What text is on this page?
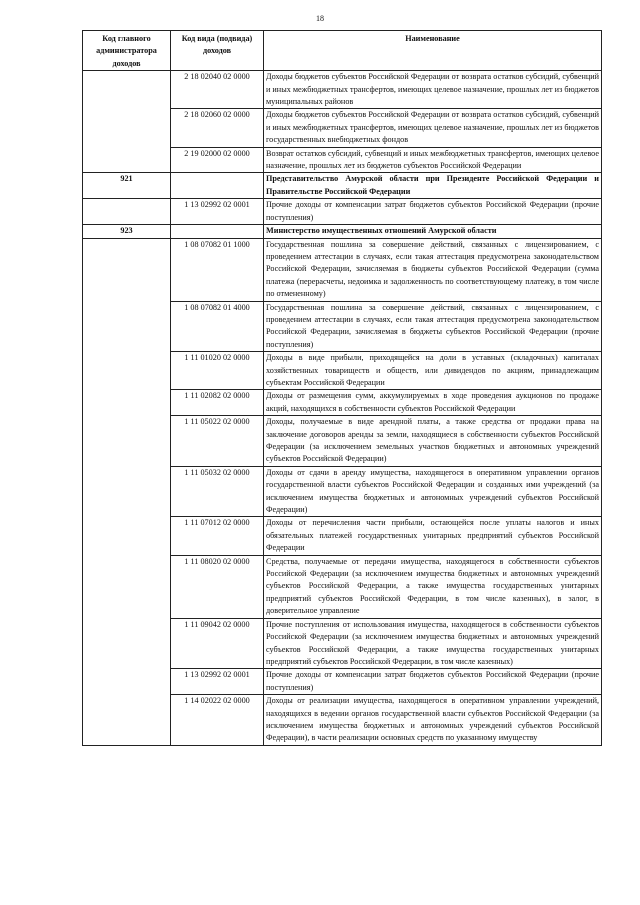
18
Код главного администратора доходов	Код вида (подвида) доходов	Наименование
	2 18 02040 02 0000	Доходы бюджетов субъектов Российской Федерации от возврата остатков субсидий, субвенций и иных межбюджетных трансфертов, имеющих целевое назначение, прошлых лет из бюджетов муниципальных районов
	2 18 02060 02 0000	Доходы бюджетов субъектов Российской Федерации от возврата остатков субсидий, субвенций и иных межбюджетных трансфертов, имеющих целевое назначение, прошлых лет из бюджетов государственных внебюджетных фондов
	2 19 02000 02 0000	Возврат остатков субсидий, субвенций и иных межбюджетных трансфертов, имеющих целевое назначение, прошлых лет из бюджетов субъектов Российской Федерации
921		Представительство Амурской области при Президенте Российской Федерации и Правительстве Российской Федерации
	1 13 02992 02 0001	Прочие доходы от компенсации затрат бюджетов субъектов Российской Федерации (прочие поступления)
923		Министерство имущественных отношений Амурской области
	1 08 07082 01 1000	Государственная пошлина за совершение действий, связанных с лицензированием, с проведением аттестации в случаях, если такая аттестация предусмотрена законодательством Российской Федерации, зачисляемая в бюджеты субъектов Российской Федерации (сумма платежа (перерасчеты, недоимка и задолженность по соответствующему платежу, в том числе по отмененному)
	1 08 07082 01 4000	Государственная пошлина за совершение действий, связанных с лицензированием, с проведением аттестации в случаях, если такая аттестация предусмотрена законодательством Российской Федерации, зачисляемая в бюджеты субъектов Российской Федерации (прочие поступления)
	1 11 01020 02 0000	Доходы в виде прибыли, приходящейся на доли в уставных (складочных) капиталах хозяйственных товариществ и обществ, или дивидендов по акциям, принадлежащим субъектам Российской Федерации
	1 11 02082 02 0000	Доходы от размещения сумм, аккумулируемых в ходе проведения аукционов по продаже акций, находящихся в собственности субъектов Российской Федерации
	1 11 05022 02 0000	Доходы, получаемые в виде арендной платы, а также средства от продажи права на заключение договоров аренды за земли, находящиеся в собственности субъектов Российской Федерации (за исключением земельных участков бюджетных и автономных учреждений субъектов Российской Федерации)
	1 11 05032 02 0000	Доходы от сдачи в аренду имущества, находящегося в оперативном управлении органов государственной власти субъектов Российской Федерации и созданных ими учреждений (за исключением имущества бюджетных и автономных учреждений субъектов Российской Федерации)
	1 11 07012 02 0000	Доходы от перечисления части прибыли, остающейся после уплаты налогов и иных обязательных платежей государственных унитарных предприятий субъектов Российской Федерации
	1 11 08020 02 0000	Средства, получаемые от передачи имущества, находящегося в собственности субъектов Российской Федерации (за исключением имущества бюджетных и автономных учреждений субъектов Российской Федерации, а также имущества государственных унитарных предприятий субъектов Российской Федерации, в том числе казенных), в залог, в доверительное управление
	1 11 09042 02 0000	Прочие поступления от использования имущества, находящегося в собственности субъектов Российской Федерации (за исключением имущества бюджетных и автономных учреждений субъектов Российской Федерации, а также имущества государственных унитарных предприятий субъектов Российской Федерации, в том числе казенных)
	1 13 02992 02 0001	Прочие доходы от компенсации затрат бюджетов субъектов Российской Федерации (прочие поступления)
	1 14 02022 02 0000	Доходы от реализации имущества, находящегося в оперативном управлении учреждений, находящихся в ведении органов государственной власти субъектов Российской Федерации (за исключением имущества бюджетных и автономных учреждений субъектов Российской Федерации), в части реализации основных средств по указанному имуществу
